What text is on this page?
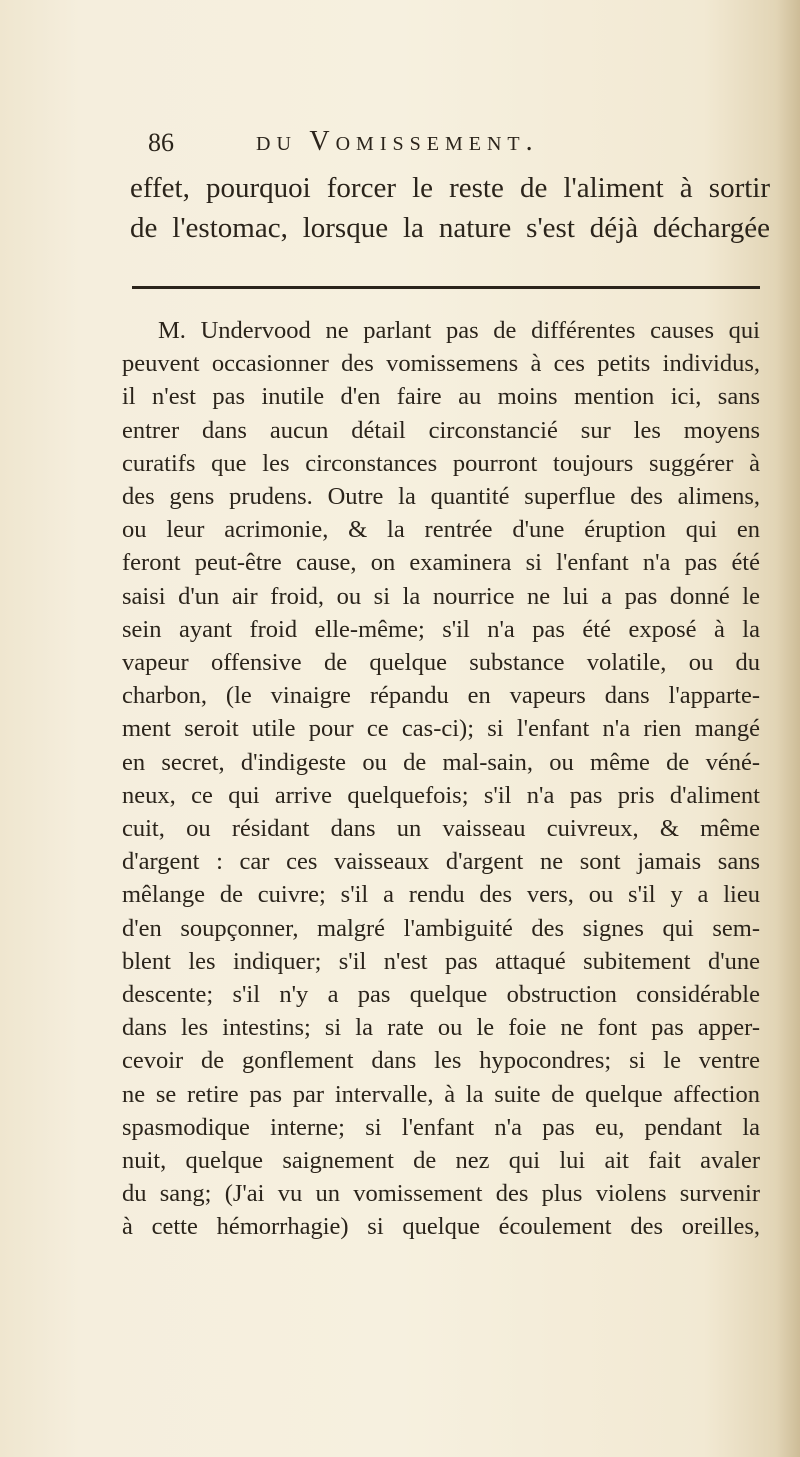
86	du Vomissement.
effet, pourquoi forcer le reste de l'aliment à sortir
de l'estomac, lorsque la nature s'est déjà déchargée
M. Undervood ne parlant pas de différentes causes qui
peuvent occasionner des vomissemens à ces petits individus,
il n'est pas inutile d'en faire au moins mention ici, sans
entrer dans aucun détail circonstancié sur les moyens
curatifs que les circonstances pourront toujours suggérer à
des gens prudens. Outre la quantité superflue des alimens,
ou leur acrimonie, & la rentrée d'une éruption qui en
feront peut-être cause, on examinera si l'enfant n'a pas été
saisi d'un air froid, ou si la nourrice ne lui a pas donné le
sein ayant froid elle-même; s'il n'a pas été exposé à la
vapeur offensive de quelque substance volatile, ou du
charbon, (le vinaigre répandu en vapeurs dans l'apparte-
ment seroit utile pour ce cas-ci); si l'enfant n'a rien mangé
en secret, d'indigeste ou de mal-sain, ou même de véné-
neux, ce qui arrive quelquefois; s'il n'a pas pris d'aliment
cuit, ou résidant dans un vaisseau cuivreux, & même
d'argent : car ces vaisseaux d'argent ne sont jamais sans
mêlange de cuivre; s'il a rendu des vers, ou s'il y a lieu
d'en soupçonner, malgré l'ambiguité des signes qui sem-
blent les indiquer; s'il n'est pas attaqué subitement d'une
descente; s'il n'y a pas quelque obstruction considérable
dans les intestins; si la rate ou le foie ne font pas apper-
cevoir de gonflement dans les hypocondres; si le ventre
ne se retire pas par intervalle, à la suite de quelque affection
spasmodique interne; si l'enfant n'a pas eu, pendant la
nuit, quelque saignement de nez qui lui ait fait avaler
du sang; (J'ai vu un vomissement des plus violens survenir
à cette hémorrhagie) si quelque écoulement des oreilles,
